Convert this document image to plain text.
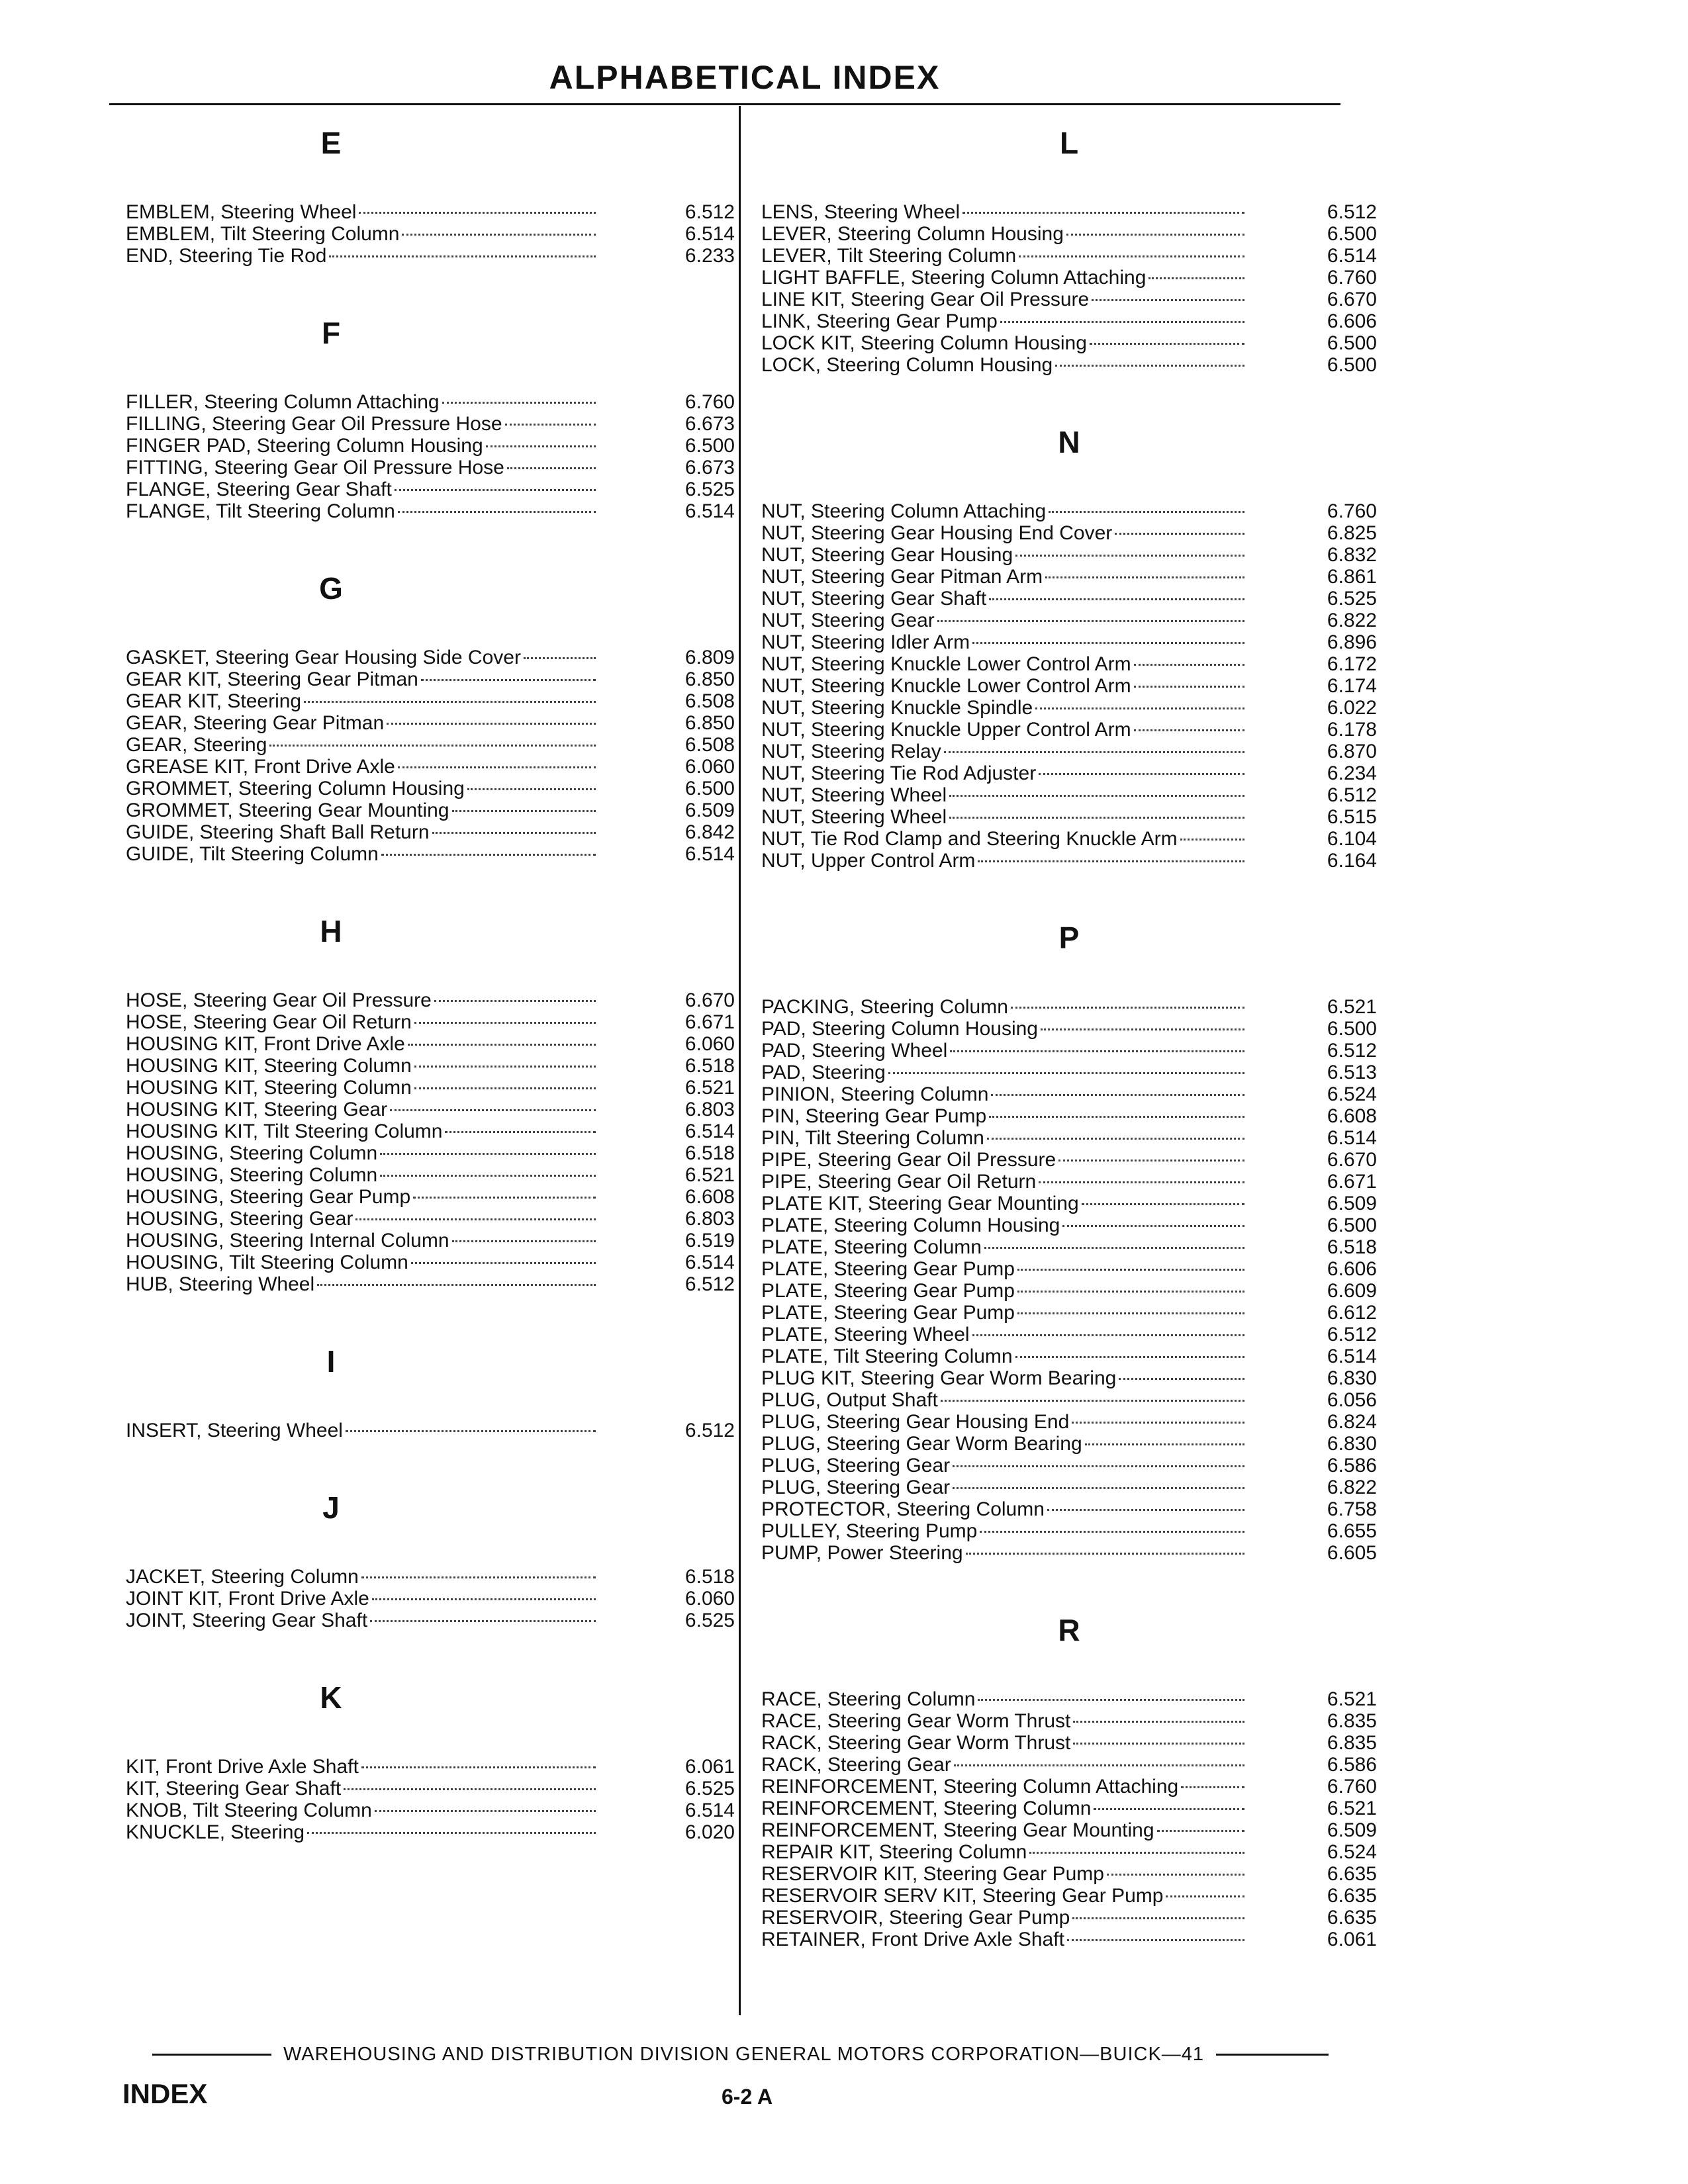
ALPHABETICAL INDEX
E
EMBLEM, Steering Wheel	6.512
EMBLEM, Tilt Steering Column	6.514
END, Steering Tie Rod	6.233
F
FILLER, Steering Column Attaching	6.760
FILLING, Steering Gear Oil Pressure Hose	6.673
FINGER PAD, Steering Column Housing	6.500
FITTING, Steering Gear Oil Pressure Hose	6.673
FLANGE, Steering Gear Shaft	6.525
FLANGE, Tilt Steering Column	6.514
G
GASKET, Steering Gear Housing Side Cover	6.809
GEAR KIT, Steering Gear Pitman	6.850
GEAR KIT, Steering	6.508
GEAR, Steering Gear Pitman	6.850
GEAR, Steering	6.508
GREASE KIT, Front Drive Axle	6.060
GROMMET, Steering Column Housing	6.500
GROMMET, Steering Gear Mounting	6.509
GUIDE, Steering Shaft Ball Return	6.842
GUIDE, Tilt Steering Column	6.514
H
HOSE, Steering Gear Oil Pressure	6.670
HOSE, Steering Gear Oil Return	6.671
HOUSING KIT, Front Drive Axle	6.060
HOUSING KIT, Steering Column	6.518
HOUSING KIT, Steering Column	6.521
HOUSING KIT, Steering Gear	6.803
HOUSING KIT, Tilt Steering Column	6.514
HOUSING, Steering Column	6.518
HOUSING, Steering Column	6.521
HOUSING, Steering Gear Pump	6.608
HOUSING, Steering Gear	6.803
HOUSING, Steering Internal Column	6.519
HOUSING, Tilt Steering Column	6.514
HUB, Steering Wheel	6.512
I
INSERT, Steering Wheel	6.512
J
JACKET, Steering Column	6.518
JOINT KIT, Front Drive Axle	6.060
JOINT, Steering Gear Shaft	6.525
K
KIT, Front Drive Axle Shaft	6.061
KIT, Steering Gear Shaft	6.525
KNOB, Tilt Steering Column	6.514
KNUCKLE, Steering	6.020
L
LENS, Steering Wheel	6.512
LEVER, Steering Column Housing	6.500
LEVER, Tilt Steering Column	6.514
LIGHT BAFFLE, Steering Column Attaching	6.760
LINE KIT, Steering Gear Oil Pressure	6.670
LINK, Steering Gear Pump	6.606
LOCK KIT, Steering Column Housing	6.500
LOCK, Steering Column Housing	6.500
N
NUT, Steering Column Attaching	6.760
NUT, Steering Gear Housing End Cover	6.825
NUT, Steering Gear Housing	6.832
NUT, Steering Gear Pitman Arm	6.861
NUT, Steering Gear Shaft	6.525
NUT, Steering Gear	6.822
NUT, Steering Idler Arm	6.896
NUT, Steering Knuckle Lower Control Arm	6.172
NUT, Steering Knuckle Lower Control Arm	6.174
NUT, Steering Knuckle Spindle	6.022
NUT, Steering Knuckle Upper Control Arm	6.178
NUT, Steering Relay	6.870
NUT, Steering Tie Rod Adjuster	6.234
NUT, Steering Wheel	6.512
NUT, Steering Wheel	6.515
NUT, Tie Rod Clamp and Steering Knuckle Arm	6.104
NUT, Upper Control Arm	6.164
P
PACKING, Steering Column	6.521
PAD, Steering Column Housing	6.500
PAD, Steering Wheel	6.512
PAD, Steering	6.513
PINION, Steering Column	6.524
PIN, Steering Gear Pump	6.608
PIN, Tilt Steering Column	6.514
PIPE, Steering Gear Oil Pressure	6.670
PIPE, Steering Gear Oil Return	6.671
PLATE KIT, Steering Gear Mounting	6.509
PLATE, Steering Column Housing	6.500
PLATE, Steering Column	6.518
PLATE, Steering Gear Pump	6.606
PLATE, Steering Gear Pump	6.609
PLATE, Steering Gear Pump	6.612
PLATE, Steering Wheel	6.512
PLATE, Tilt Steering Column	6.514
PLUG KIT, Steering Gear Worm Bearing	6.830
PLUG, Output Shaft	6.056
PLUG, Steering Gear Housing End	6.824
PLUG, Steering Gear Worm Bearing	6.830
PLUG, Steering Gear	6.586
PLUG, Steering Gear	6.822
PROTECTOR, Steering Column	6.758
PULLEY, Steering Pump	6.655
PUMP, Power Steering	6.605
R
RACE, Steering Column	6.521
RACE, Steering Gear Worm Thrust	6.835
RACK, Steering Gear Worm Thrust	6.835
RACK, Steering Gear	6.586
REINFORCEMENT, Steering Column Attaching	6.760
REINFORCEMENT, Steering Column	6.521
REINFORCEMENT, Steering Gear Mounting	6.509
REPAIR KIT, Steering Column	6.524
RESERVOIR KIT, Steering Gear Pump	6.635
RESERVOIR SERV KIT, Steering Gear Pump	6.635
RESERVOIR, Steering Gear Pump	6.635
RETAINER, Front Drive Axle Shaft	6.061
WAREHOUSING AND DISTRIBUTION DIVISION GENERAL MOTORS CORPORATION—BUICK—41
INDEX	6-2 A
